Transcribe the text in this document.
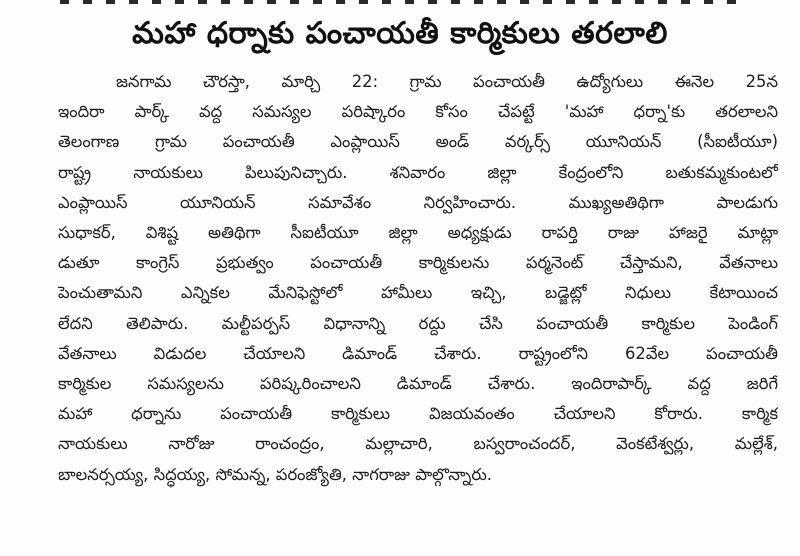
మహా ధర్నాకు పంచాయతీ కార్మికులు తరలాలి
జనగామ చౌరస్తా, మార్చి 22: గ్రామ పంచాయతీ ఉద్యోగులు ఈనెల 25న
ఇందిరా పార్క్ వద్ద సమస్యల పరిష్కారం కోసం చేపట్టే 'మహా ధర్నా'కు తరలాలని
తెలంగాణ గ్రామ పంచాయతీ ఎంప్లాయిస్ అండ్ వర్కర్స్ యూనియన్ (సీఐటీయూ)
రాష్ట్ర నాయకులు పిలుపునిచ్చారు. శనివారం జిల్లా కేంద్రంలోని బతుకమ్మకుంటలో
ఎంప్లాయిస్ యూనియన్ సమావేశం నిర్వహించారు. ముఖ్యఅతిథిగా పాలడుగు
సుధాకర్, విశిష్ట అతిథిగా సీఐటీయూ జిల్లా అధ్యక్షుడు రాపర్తి రాజు హాజరై మాట్లా
డుతూ కాంగ్రెస్ ప్రభుత్వం పంచాయతీ కార్మికులను పర్మనెంట్ చేస్తామని, వేతనాలు
పెంచుతామని ఎన్నికల మేనిఫెస్టోలో హామీలు ఇచ్చి, బడ్జెట్లో నిధులు కేటాయించ
లేదని తెలిపారు. మల్టీపర్పస్ విధానాన్ని రద్దు చేసి పంచాయతీ కార్మికుల పెండింగ్
వేతనాలు విడుదల చేయాలని డిమాండ్ చేశారు. రాష్ట్రంలోని 62వేల పంచాయతీ
కార్మికుల సమస్యలను పరిష్కరించాలని డిమాండ్ చేశారు. ఇందిరాపార్క్ వద్ద జరిగే
మహా ధర్నాను పంచాయతీ కార్మికులు విజయవంతం చేయాలని కోరారు. కార్మిక
నాయకులు నారోజు రాంచంద్రం, మల్లాచారి, బస్వరాంచందర్, వెంకటేశ్వర్లు, మల్లేశ్,
బాలనర్సయ్య, సిద్ధయ్య, సోమన్న, పరంజ్యోతి, నాగరాజు పాల్గొన్నారు.
